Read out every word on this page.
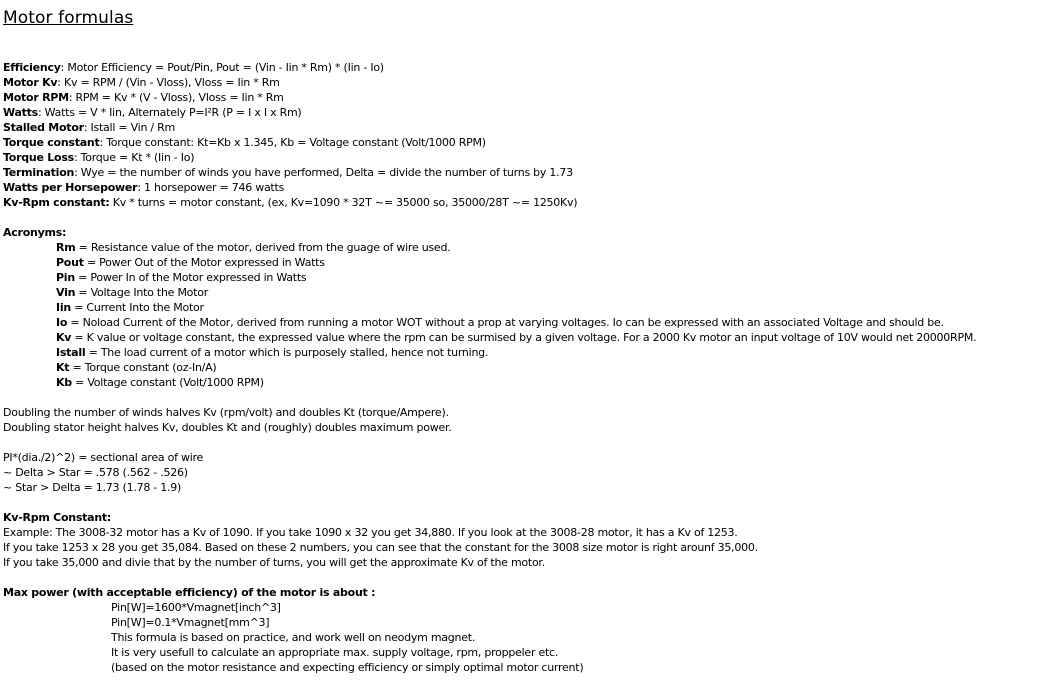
Motor formulas
Efficiency: Motor Efficiency = Pout/Pin, Pout = (Vin - Iin * Rm) * (Iin - Io)
Motor Kv: Kv = RPM / (Vin - Vloss), Vloss = Iin * Rm
Motor RPM: RPM = Kv * (V - Vloss), Vloss = Iin * Rm
Watts: Watts = V * Iin, Alternately P=I²R (P = I x I x Rm)
Stalled Motor: Istall = Vin / Rm
Torque constant: Torque constant: Kt=Kb x 1.345, Kb = Voltage constant (Volt/1000 RPM)
Torque Loss: Torque = Kt * (Iin - Io)
Termination: Wye = the number of winds you have performed, Delta = divide the number of turns by 1.73
Watts per Horsepower: 1 horsepower = 746 watts
Kv-Rpm constant: Kv * turns = motor constant, (ex, Kv=1090 * 32T ~= 35000 so, 35000/28T ~= 1250Kv)
Acronyms:
Rm = Resistance value of the motor, derived from the guage of wire used.
Pout = Power Out of the Motor expressed in Watts
Pin = Power In of the Motor expressed in Watts
Vin = Voltage Into the Motor
Iin = Current Into the Motor
Io = Noload Current of the Motor, derived from running a motor WOT without a prop at varying voltages. Io can be expressed with an associated Voltage and should be.
Kv = K value or voltage constant, the expressed value where the rpm can be surmised by a given voltage. For a 2000 Kv motor an input voltage of 10V would net 20000RPM.
Istall = The load current of a motor which is purposely stalled, hence not turning.
Kt = Torque constant (oz-In/A)
Kb = Voltage constant (Volt/1000 RPM)
Doubling the number of winds halves Kv (rpm/volt) and doubles Kt (torque/Ampere).
Doubling stator height halves Kv, doubles Kt and (roughly) doubles maximum power.
PI*(dia./2)^2) = sectional area of wire
~ Delta > Star = .578 (.562 - .526)
~ Star > Delta = 1.73 (1.78 - 1.9)
Kv-Rpm Constant:
Example: The 3008-32 motor has a Kv of 1090. If you take 1090 x 32 you get 34,880. If you look at the 3008-28 motor, it has a Kv of 1253.
If you take 1253 x 28 you get 35,084. Based on these 2 numbers, you can see that the constant for the 3008 size motor is right arounf 35,000.
If you take 35,000 and divie that by the number of turns, you will get the approximate Kv of the motor.
Max power (with acceptable efficiency) of the motor is about :
Pin[W]=1600*Vmagnet[inch^3]
Pin[W]=0.1*Vmagnet[mm^3]
This formula is based on practice, and work well on neodym magnet.
It is very usefull to calculate an appropriate max. supply voltage, rpm, proppeler etc.
(based on the motor resistance and expecting efficiency or simply optimal motor current)
